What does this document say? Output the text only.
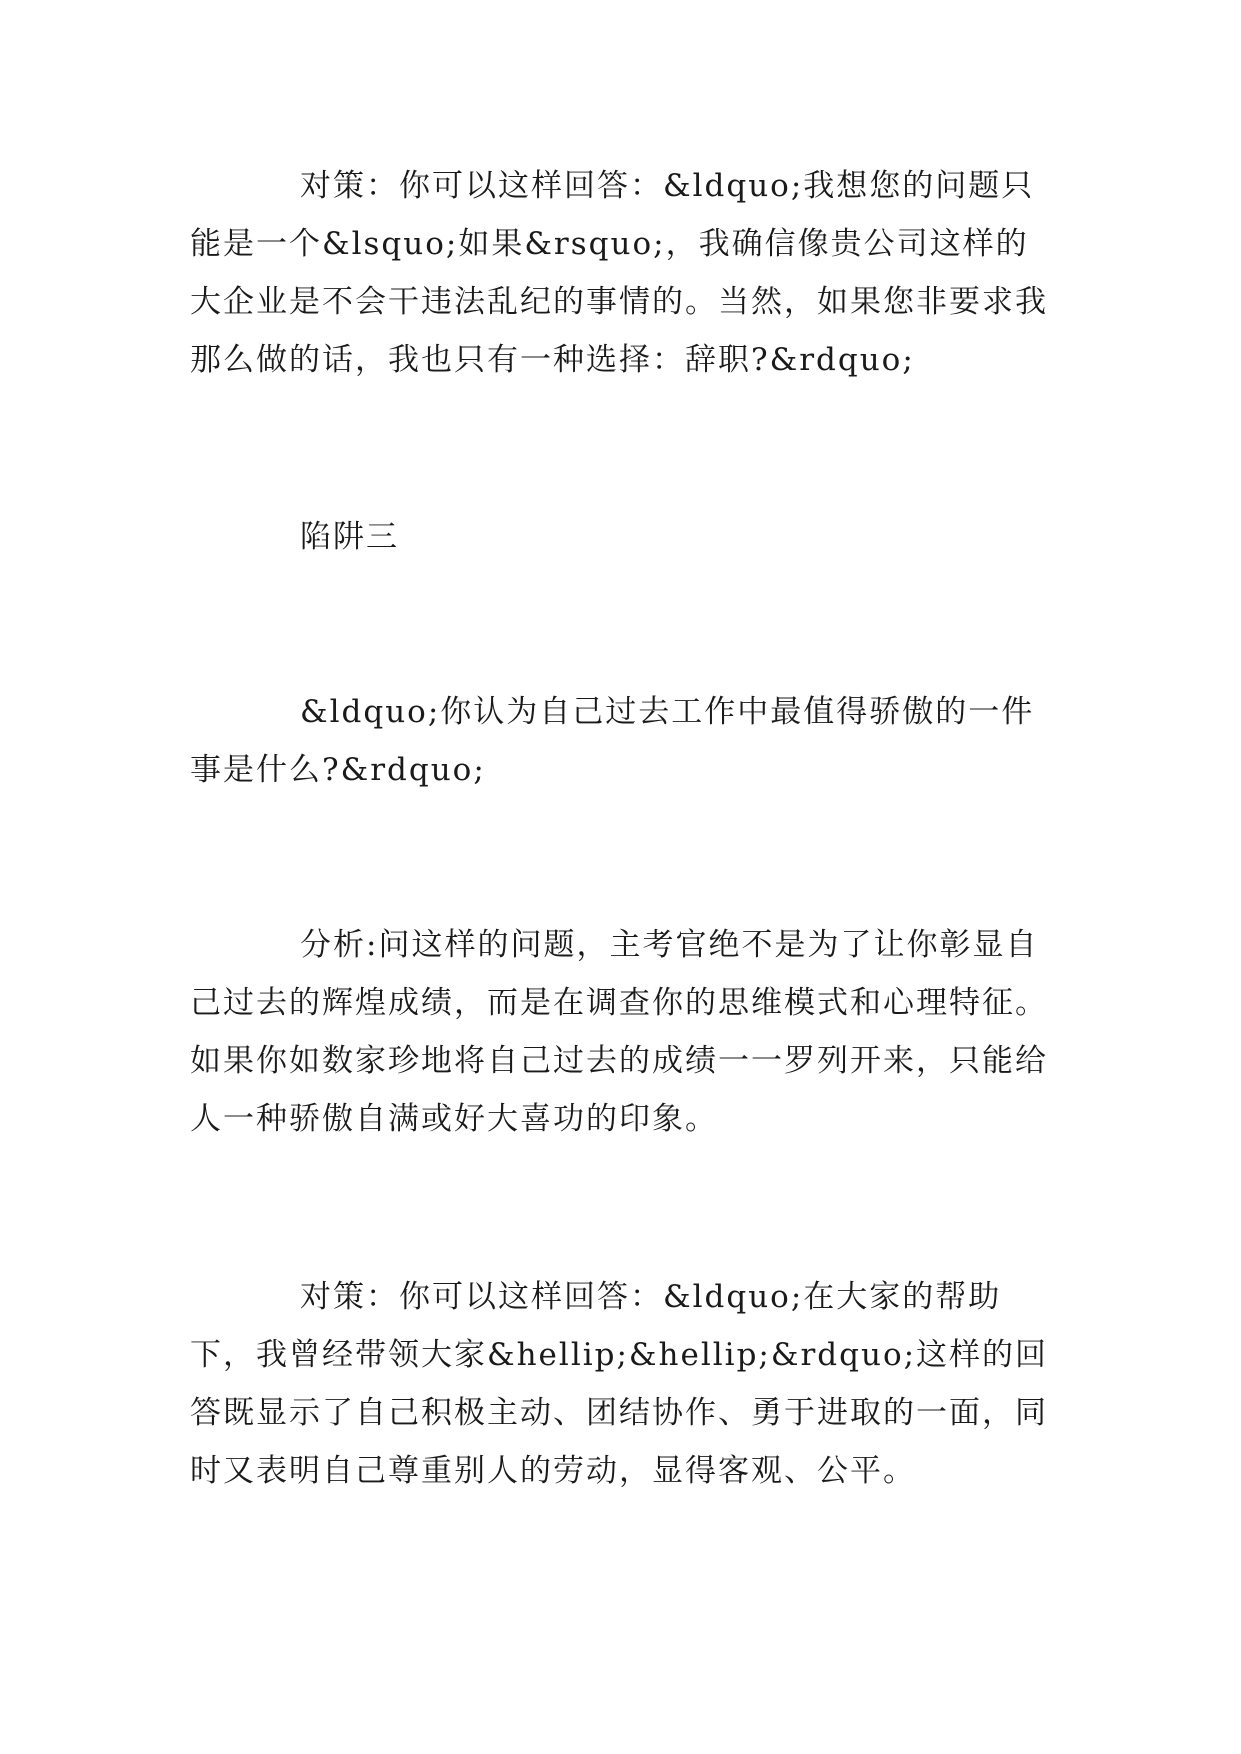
对策：你可以这样回答：&ldquo;我想您的问题只能是一个&lsquo;如果&rsquo;，我确信像贵公司这样的大企业是不会干违法乱纪的事情的。当然，如果您非要求我那么做的话，我也只有一种选择：辞职?&rdquo;

陷阱三

&ldquo;你认为自己过去工作中最值得骄傲的一件事是什么?&rdquo;

分析:问这样的问题，主考官绝不是为了让你彰显自己过去的辉煌成绩，而是在调查你的思维模式和心理特征。如果你如数家珍地将自己过去的成绩一一罗列开来，只能给人一种骄傲自满或好大喜功的印象。

对策：你可以这样回答：&ldquo;在大家的帮助下，我曾经带领大家&hellip;&hellip;&rdquo;这样的回答既显示了自己积极主动、团结协作、勇于进取的一面，同时又表明自己尊重别人的劳动，显得客观、公平。
